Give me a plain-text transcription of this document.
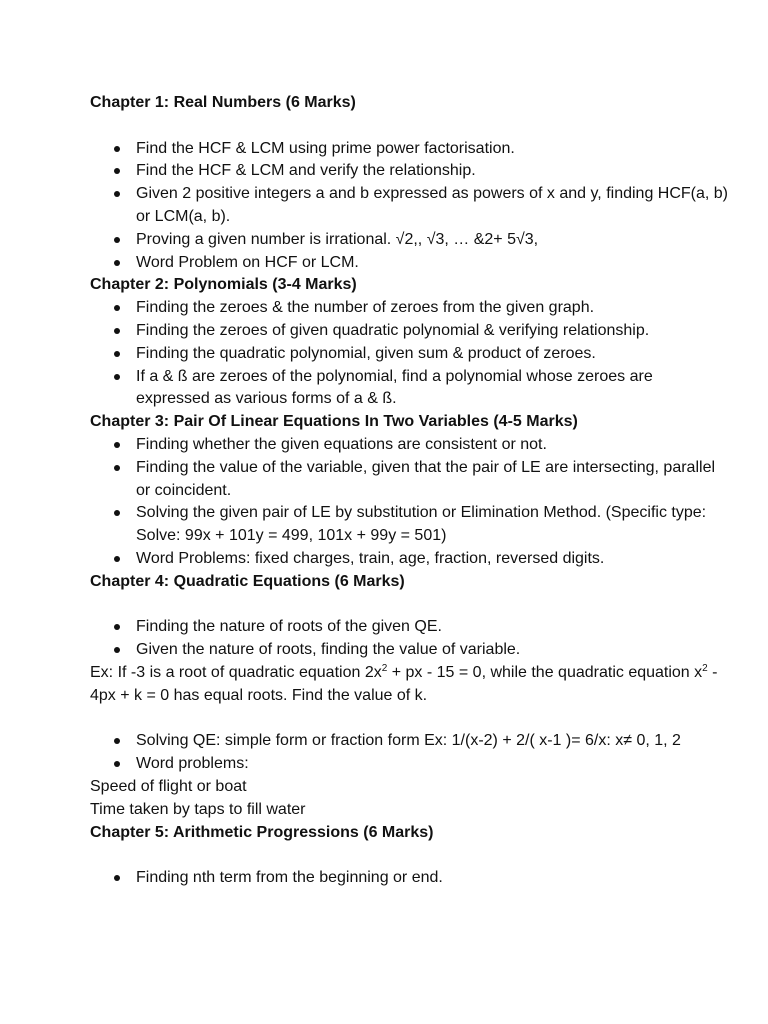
Chapter 1: Real Numbers (6 Marks)

Find the HCF & LCM using prime power factorisation.
Find the HCF & LCM and verify the relationship.
Given 2 positive integers a and b expressed as powers of x and y, finding HCF(a, b) or LCM(a, b).
Proving a given number is irrational. √2,, √3, … &2+ 5√3,
Word Problem on HCF or LCM.

Chapter 2: Polynomials (3-4 Marks)

Finding the zeroes & the number of zeroes from the given graph.
Finding the zeroes of given quadratic polynomial & verifying relationship.
Finding the quadratic polynomial, given sum & product of zeroes.
If a & ß are zeroes of the polynomial, find a polynomial whose zeroes are expressed as various forms of a & ß.

Chapter 3: Pair Of Linear Equations In Two Variables (4-5 Marks)

Finding whether the given equations are consistent or not.
Finding the value of the variable, given that the pair of LE are intersecting, parallel or coincident.
Solving the given pair of LE by substitution or Elimination Method. (Specific type: Solve: 99x + 101y = 499, 101x + 99y = 501)
Word Problems: fixed charges, train, age, fraction, reversed digits.

Chapter 4: Quadratic Equations (6 Marks)

Finding the nature of roots of the given QE.
Given the nature of roots, finding the value of variable.

Ex: If -3 is a root of quadratic equation $2x^2$ + px - 15 = 0, while the quadratic equation $x^2 - 4px + k = 0$ has equal roots. Find the value of k.

Solving QE: simple form or fraction form Ex: 1/(x-2) + 2/( x-1 )= 6/x: x≠ 0, 1, 2
Word problems:

Speed of flight or boat

Time taken by taps to fill water

Chapter 5: Arithmetic Progressions (6 Marks)

Finding nth term from the beginning or end.
